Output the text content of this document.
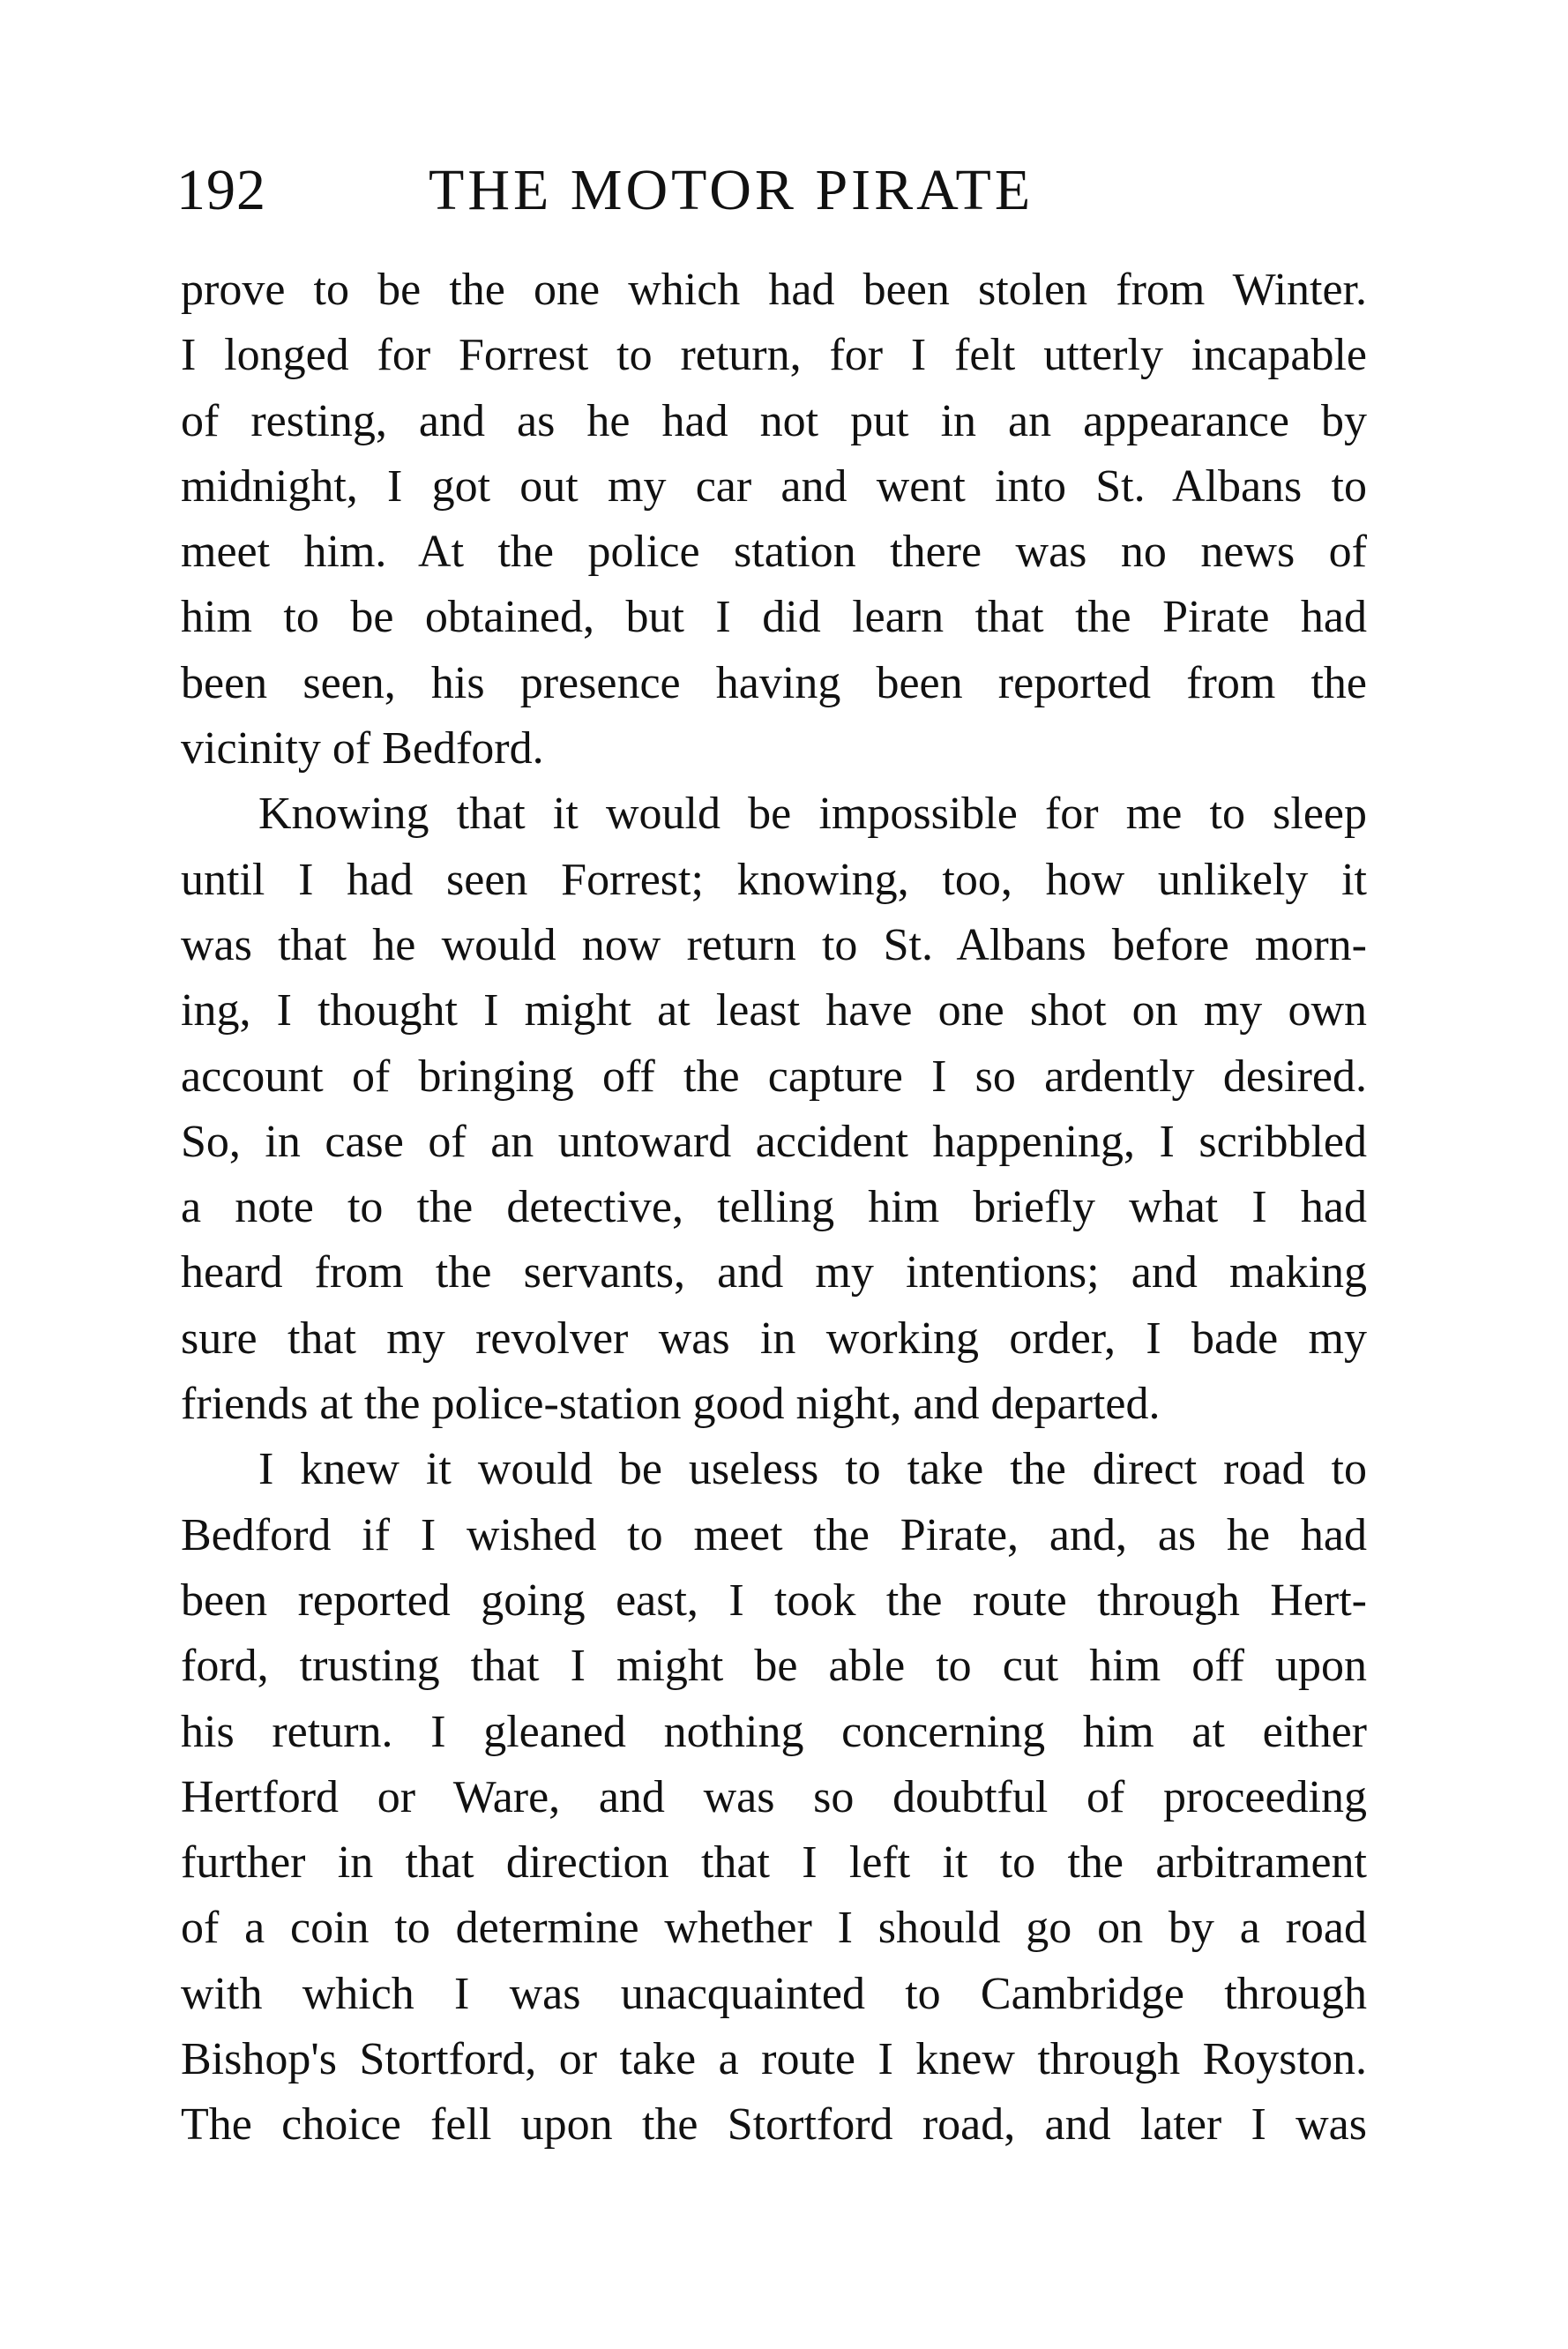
192	THE MOTOR PIRATE
prove to be the one which had been stolen from Winter.
I longed for Forrest to return, for I felt utterly incapable
of resting, and as he had not put in an appearance by
midnight, I got out my car and went into St. Albans to
meet him. At the police station there was no news of
him to be obtained, but I did learn that the Pirate had
been seen, his presence having been reported from the
vicinity of Bedford.
Knowing that it would be impossible for me to sleep
until I had seen Forrest; knowing, too, how unlikely it
was that he would now return to St. Albans before morn-
ing, I thought I might at least have one shot on my own
account of bringing off the capture I so ardently desired.
So, in case of an untoward accident happening, I scribbled
a note to the detective, telling him briefly what I had
heard from the servants, and my intentions; and making
sure that my revolver was in working order, I bade my
friends at the police-station good night, and departed.
I knew it would be useless to take the direct road to
Bedford if I wished to meet the Pirate, and, as he had
been reported going east, I took the route through Hert-
ford, trusting that I might be able to cut him off upon
his return. I gleaned nothing concerning him at either
Hertford or Ware, and was so doubtful of proceeding
further in that direction that I left it to the arbitrament
of a coin to determine whether I should go on by a road
with which I was unacquainted to Cambridge through
Bishop's Stortford, or take a route I knew through Royston.
The choice fell upon the Stortford road, and later I was
